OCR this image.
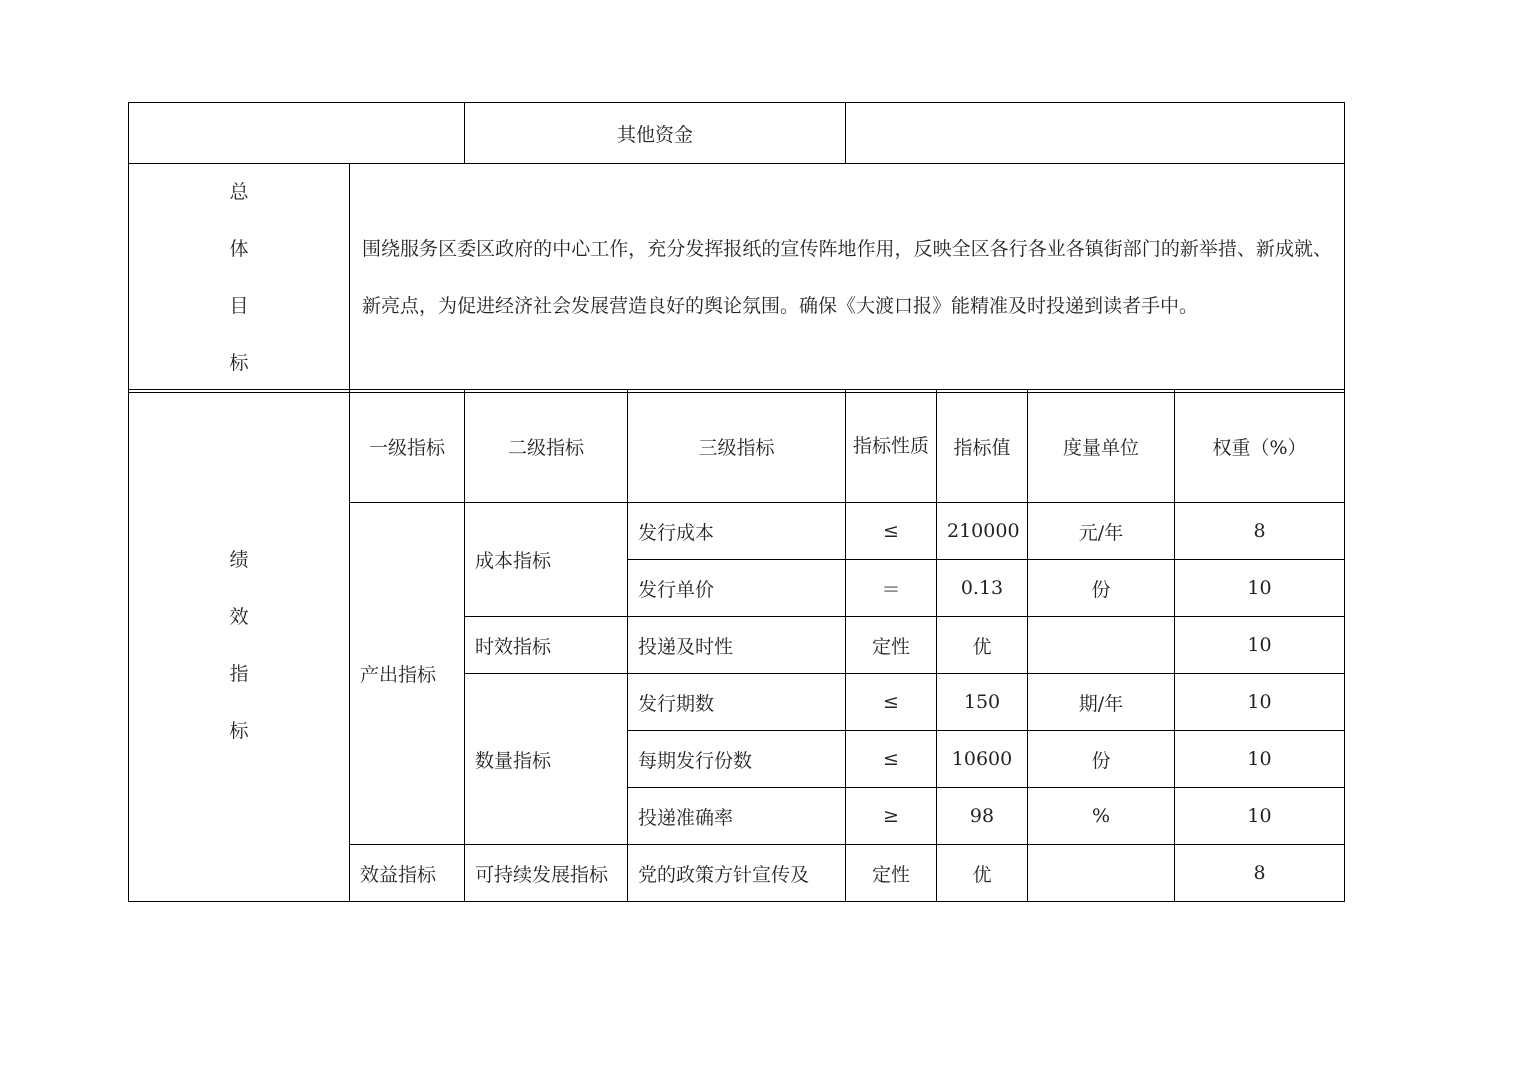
	其他资金	
总
体
目
标	围绕服务区委区政府的中心工作，充分发挥报纸的宣传阵地作用，反映全区各行各业各镇街部门的新举措、新成就、新亮点，为促进经济社会发展营造良好的舆论氛围。确保《大渡口报》能精准及时投递到读者手中。
绩
效
指
标	一级指标	二级指标	三级指标	指标性质	指标值	度量单位	权重（%）
	产出指标	成本指标	发行成本	≤	210000	元/年	8
			发行单价	＝	0.13	份	10
		时效指标	投递及时性	定性	优		10
		数量指标	发行期数	≤	150	期/年	10
			每期发行份数	≤	10600	份	10
			投递准确率	≥	98	%	10
	效益指标	可持续发展指标	党的政策方针宣传及	定性	优		8
